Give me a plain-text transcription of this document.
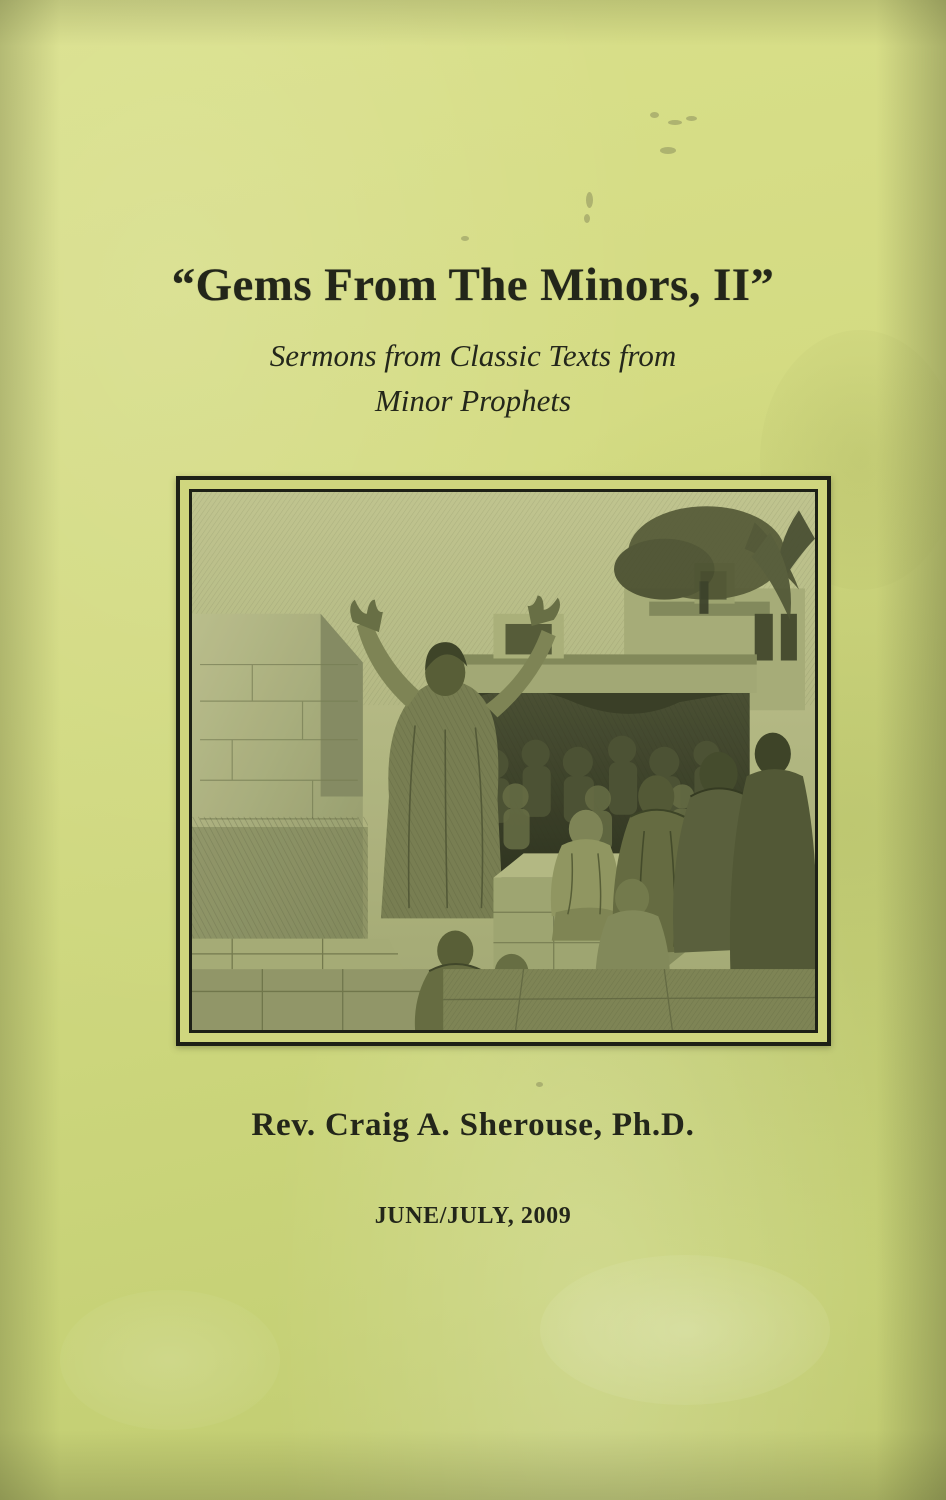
“Gems From The Minors, II”

Sermons from Classic Texts from

Minor Prophets

Rev. Craig A. Sherouse, Ph.D.
JUNE/JULY, 2009
